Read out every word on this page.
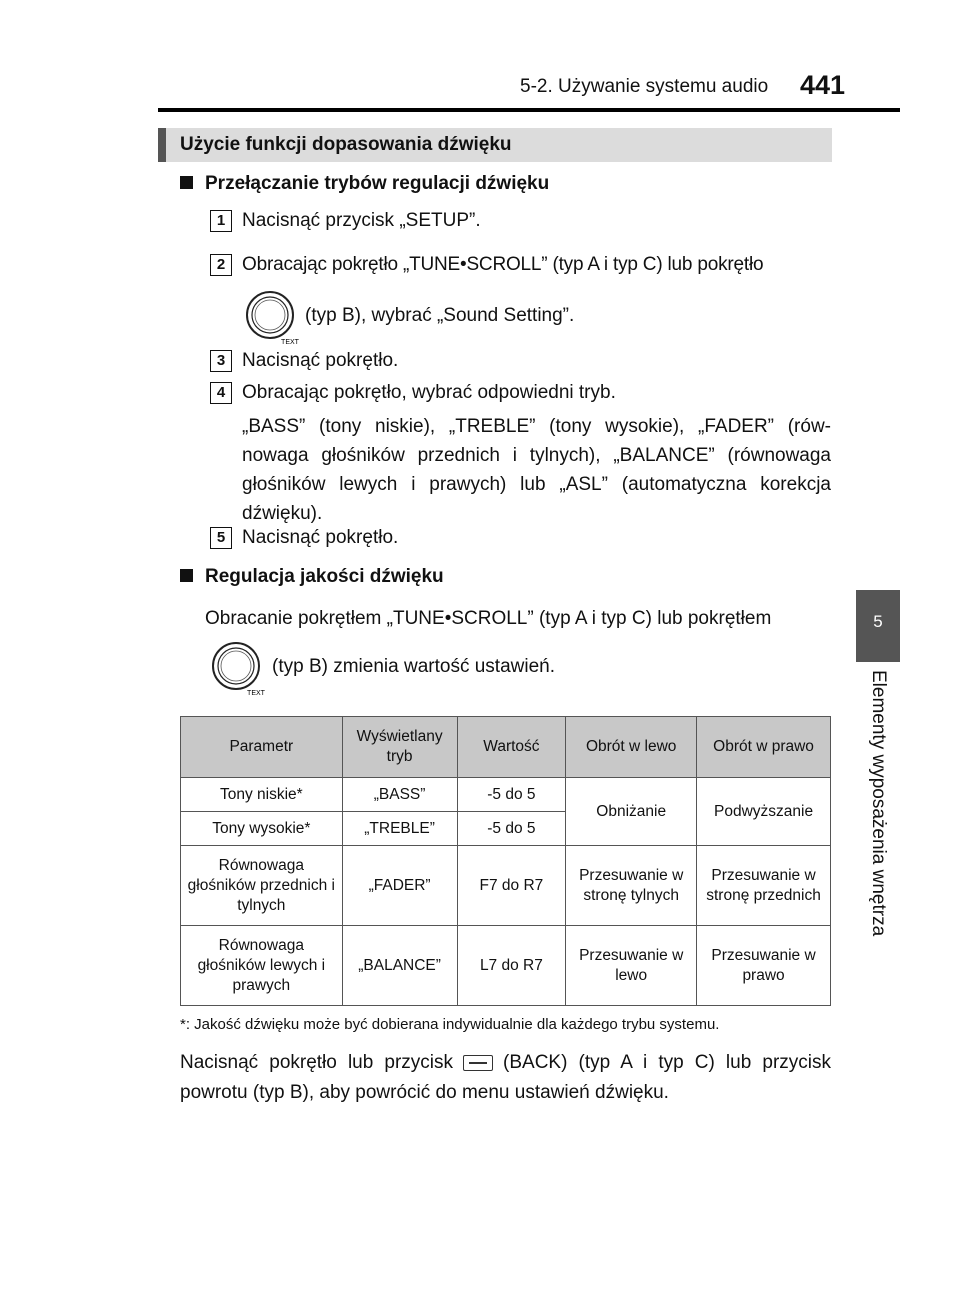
5-2. Używanie systemu audio 441
5
Elementy wyposażenia wnętrza
Użycie funkcji dopasowania dźwięku
Przełączanie trybów regulacji dźwięku
1 Nacisnąć przycisk „SETUP”.
2 Obracając pokrętło „TUNE•SCROLL” (typ A i typ C) lub pokrętło
TEXT
(typ B), wybrać „Sound Setting”.
3 Nacisnąć pokrętło.
4 Obracając pokrętło, wybrać odpowiedni tryb.
„BASS” (tony niskie), „TREBLE” (tony wysokie), „FADER” (rów-nowaga głośników przednich i tylnych), „BALANCE” (równowaga głośników lewych i prawych) lub „ASL” (automatyczna korekcja dźwięku).
5 Nacisnąć pokrętło.
Regulacja jakości dźwięku
Obracanie pokrętłem „TUNE•SCROLL” (typ A i typ C) lub pokrętłem
TEXT
(typ B) zmienia wartość ustawień.
Parametr	Wyświetlany tryb	Wartość	Obrót w lewo	Obrót w prawo
Tony niskie*	„BASS”	-5 do 5	Obniżanie	Podwyższanie
Tony wysokie*	„TREBLE”	-5 do 5		
Równowaga głośników przednich i tylnych	„FADER”	F7 do R7	Przesuwanie w stronę tylnych	Przesuwanie w stronę przednich
Równowaga głośników lewych i prawych	„BALANCE”	L7 do R7	Przesuwanie w lewo	Przesuwanie w prawo
*: Jakość dźwięku może być dobierana indywidualnie dla każdego trybu systemu.
Nacisnąć pokrętło lub przycisk	(BACK) (typ A i typ C) lub przycisk powrotu (typ B), aby powrócić do menu ustawień dźwięku.
